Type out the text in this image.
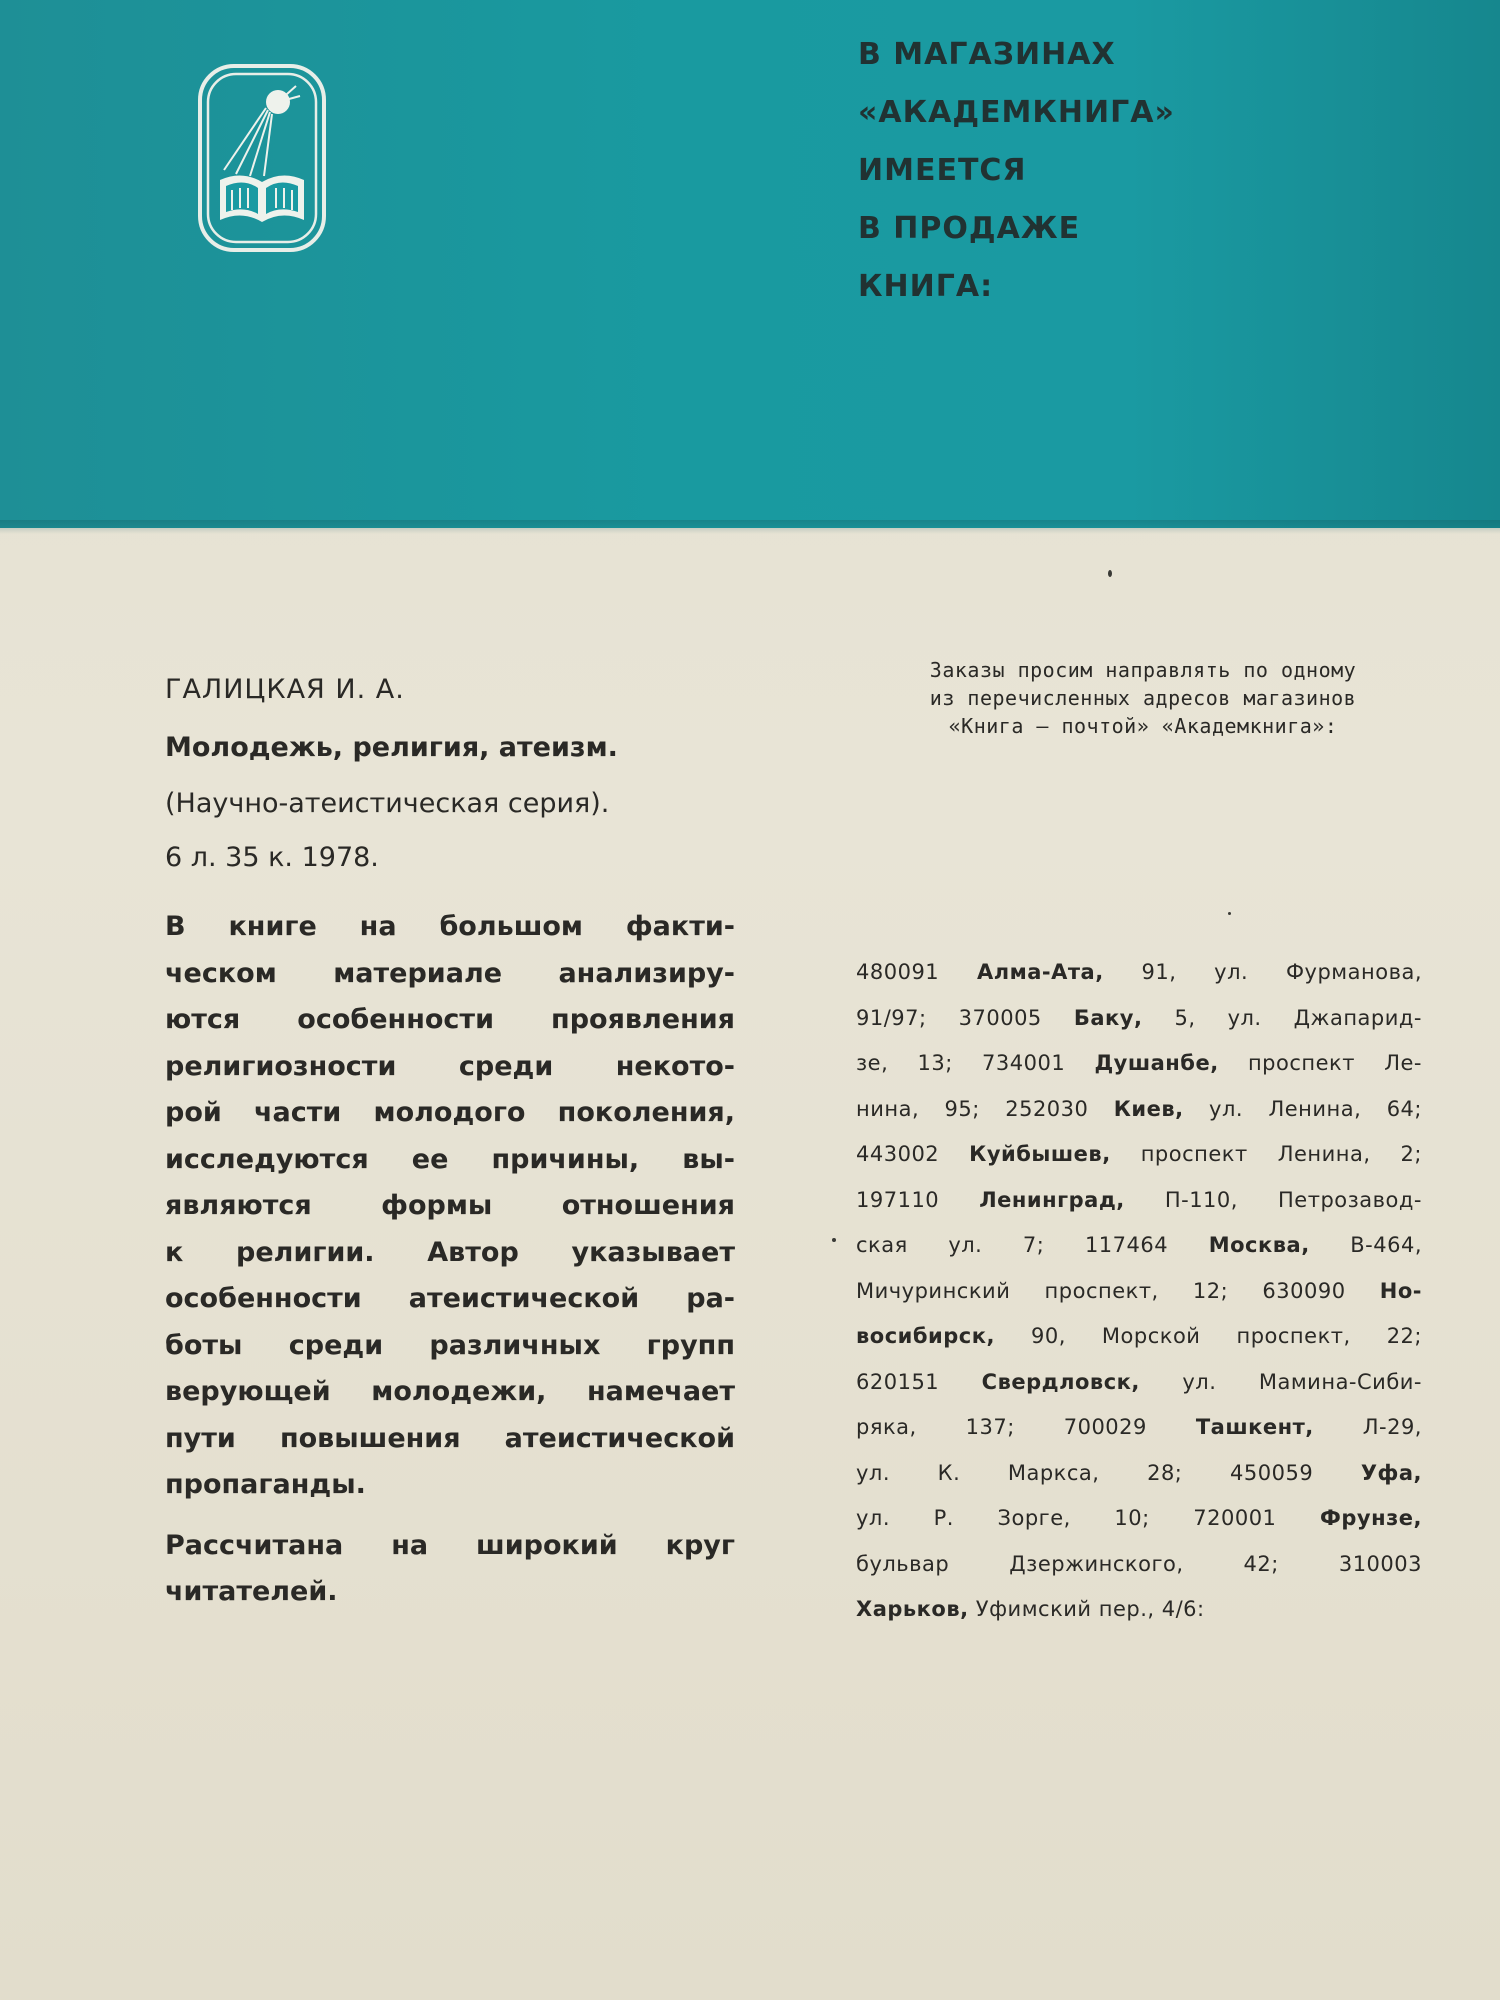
В МАГАЗИНАХ
«АКАДЕМКНИГА»
ИМЕЕТСЯ
В ПРОДАЖЕ
КНИГА:
ГАЛИЦКАЯ И. А.
Молодежь, религия, атеизм.
(Научно-атеистическая серия).
6 л. 35 к. 1978.
В книге на большом факти-
ческом материале анализиру-
ются особенности проявления
религиозности среди некото-
рой части молодого поколения,
исследуются ее причины, вы-
являются формы отношения
к религии. Автор указывает
особенности атеистической ра-
боты среди различных групп
верующей молодежи, намечает
пути повышения атеистической
пропаганды.
Рассчитана на широкий круг
читателей.
Заказы просим направлять по одному
из перечисленных адресов магазинов
«Книга — почтой» «Академкнига»:
480091 Алма-Ата, 91, ул. Фурманова,
91/97; 370005 Баку, 5, ул. Джапарид-
зе, 13; 734001 Душанбе, проспект Ле-
нина, 95; 252030 Киев, ул. Ленина, 64;
443002 Куйбышев, проспект Ленина, 2;
197110 Ленинград, П-110, Петрозавод-
ская ул. 7; 117464 Москва, В-464,
Мичуринский проспект, 12; 630090 Но-
восибирск, 90, Морской проспект, 22;
620151 Свердловск, ул. Мамина-Сиби-
ряка, 137; 700029 Ташкент, Л-29,
ул. К. Маркса, 28; 450059 Уфа,
ул. Р. Зорге, 10; 720001 Фрунзе,
бульвар Дзержинского, 42; 310003
Харьков, Уфимский пер., 4/6:
